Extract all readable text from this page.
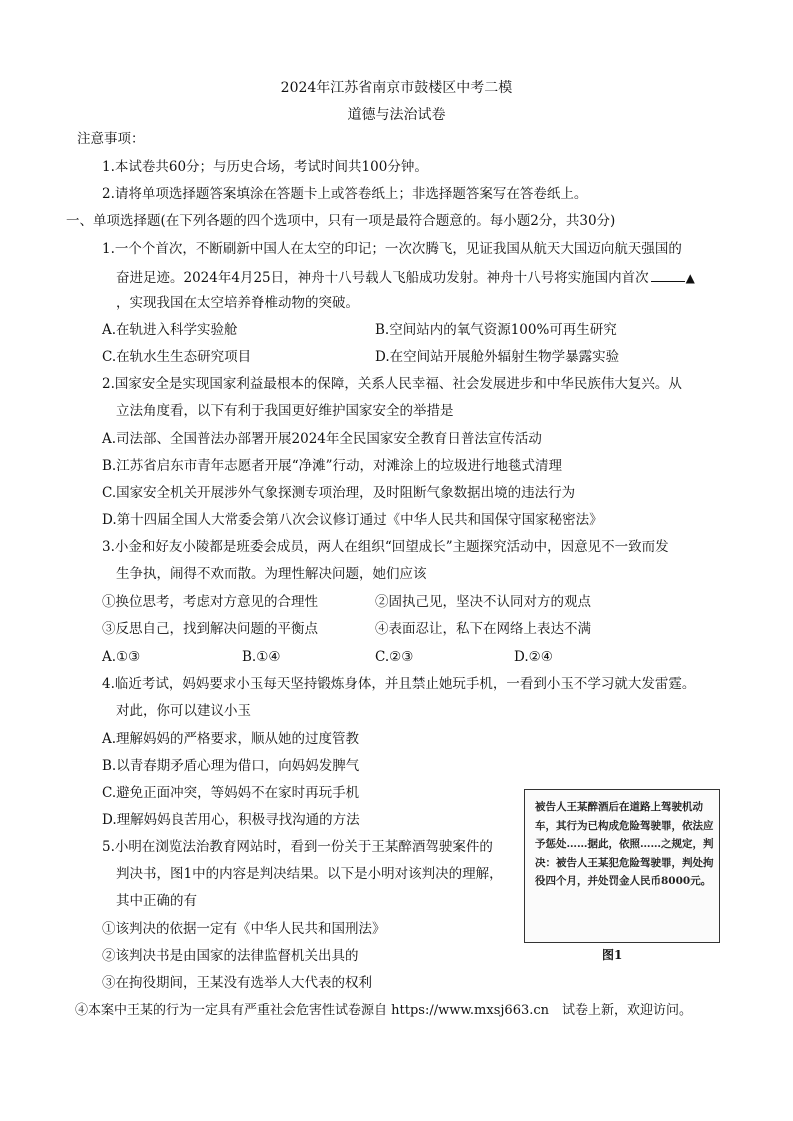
2024年江苏省南京市鼓楼区中考二模
道德与法治试卷
注意事项：
1.本试卷共60分；与历史合场，考试时间共100分钟。
2.请将单项选择题答案填涂在答题卡上或答卷纸上；非选择题答案写在答卷纸上。
一、单项选择题(在下列各题的四个选项中，只有一项是最符合题意的。每小题2分，共30分)
1.一个个首次，不断刷新中国人在太空的印记；一次次腾飞，见证我国从航天大国迈向航天强国的
奋进足迹。2024年4月25日，神舟十八号载人飞船成功发射。神舟十八号将实施国内首次	▲
，实现我国在太空培养脊椎动物的突破。
A.在轨进入科学实验舱	B.空间站内的氧气资源100%可再生研究
C.在轨水生生态研究项目	D.在空间站开展舱外辐射生物学暴露实验
2.国家安全是实现国家利益最根本的保障，关系人民幸福、社会发展进步和中华民族伟大复兴。从
立法角度看，以下有利于我国更好维护国家安全的举措是
A.司法部、全国普法办部署开展2024年全民国家安全教育日普法宣传活动
B.江苏省启东市青年志愿者开展“净滩”行动，对滩涂上的垃圾进行地毯式清理
C.国家安全机关开展涉外气象探测专项治理，及时阻断气象数据出境的违法行为
D.第十四届全国人大常委会第八次会议修订通过《中华人民共和国保守国家秘密法》
3.小金和好友小陵都是班委会成员，两人在组织“回望成长”主题探究活动中，因意见不一致而发
生争执，闹得不欢而散。为理性解决问题，她们应该
①换位思考，考虑对方意见的合理性	②固执己见，坚决不认同对方的观点
③反思自己，找到解决问题的平衡点	④表面忍让，私下在网络上表达不满
A.①③	B.①④	C.②③	D.②④
4.临近考试，妈妈要求小玉每天坚持锻炼身体，并且禁止她玩手机，一看到小玉不学习就大发雷霆。
对此，你可以建议小玉
A.理解妈妈的严格要求，顺从她的过度管教
B.以青春期矛盾心理为借口，向妈妈发脾气
C.避免正面冲突，等妈妈不在家时再玩手机
D.理解妈妈良苦用心，积极寻找沟通的方法
5.小明在浏览法治教育网站时，看到一份关于王某醉酒驾驶案件的
判决书，图1中的内容是判决结果。以下是小明对该判决的理解，
其中正确的有
①该判决的依据一定有《中华人民共和国刑法》
②该判决书是由国家的法律监督机关出具的
③在拘役期间，王某没有选举人大代表的权利
④本案中王某的行为一定具有严重社会危害性试卷源自 https://www.mxsj663.cn　试卷上新，欢迎访问。
被告人王某醉酒后在道路上驾驶机动车，其行为已构成危险驾驶罪，依法应予惩处……据此，依照……之规定，判决：被告人王某犯危险驾驶罪，判处拘役四个月，并处罚金人民币8000元。
图1
